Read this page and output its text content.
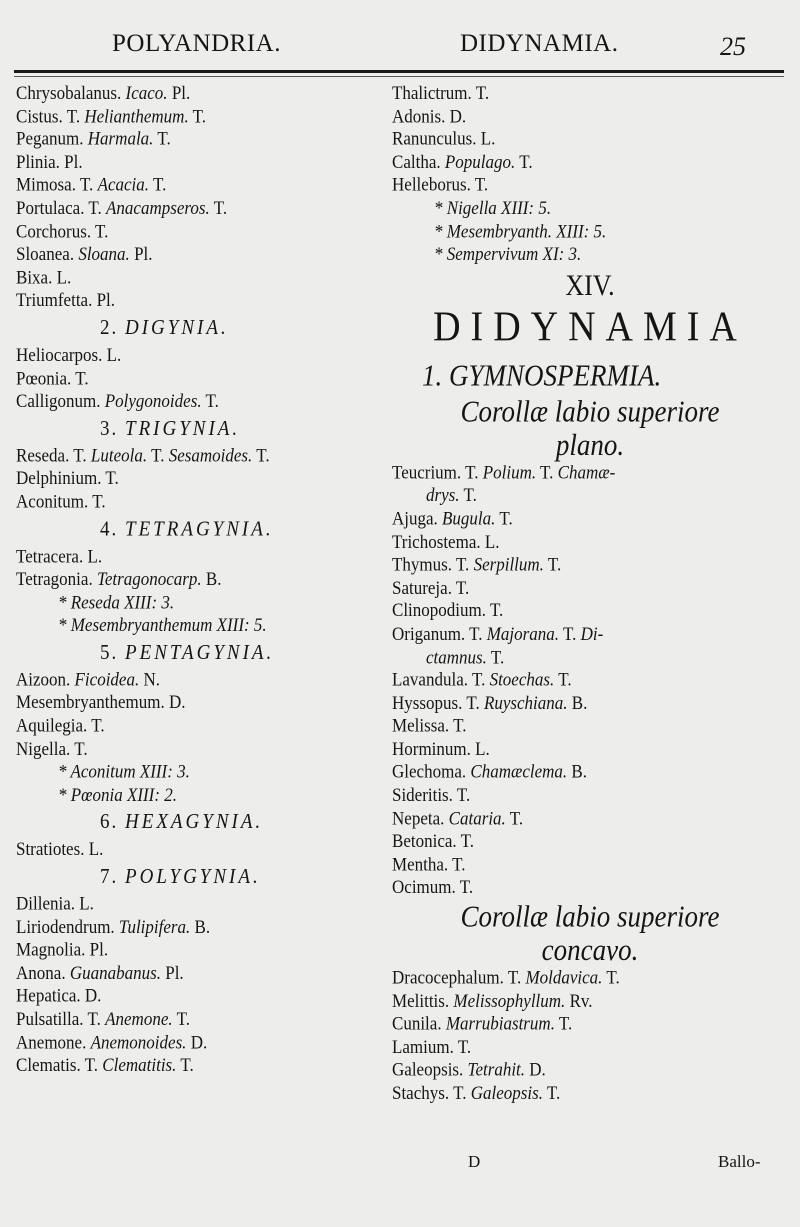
POLYANDRIA.	DIDYNAMIA.	25
Chrysobalanus. Icaco. Pl.
Cistus. T. Helianthemum. T.
Peganum. Harmala. T.
Plinia. Pl.
Mimosa. T. Acacia. T.
Portulaca. T. Anacampseros. T.
Corchorus. T.
Sloanea. Sloana. Pl.
Bixa. L.
Triumfetta. Pl.
2. DIGYNIA.
Heliocarpos. L.
Pœonia. T.
Calligonum. Polygonoides. T.
3. TRIGYNIA.
Reseda. T. Luteola. T. Sesamoides. T.
Delphinium. T.
Aconitum. T.
4. TETRAGYNIA.
Tetracera. L.
Tetragonia. Tetragonocarp. B.
* Reseda XIII: 3.
* Mesembryanthemum XIII: 5.
5. PENTAGYNIA.
Aizoon. Ficoidea. N.
Mesembryanthemum. D.
Aquilegia. T.
Nigella. T.
* Aconitum XIII: 3.
* Pœonia XIII: 2.
6. HEXAGYNIA.
Stratiotes. L.
7. POLYGYNIA.
Dillenia. L.
Liriodendrum. Tulipifera. B.
Magnolia. Pl.
Anona. Guanabanus. Pl.
Hepatica. D.
Pulsatilla. T. Anemone. T.
Anemone. Anemonoides. D.
Clematis. T. Clematitis. T.
Thalictrum. T.
Adonis. D.
Ranunculus. L.
Caltha. Populago. T.
Helleborus. T.
* Nigella XIII: 5.
* Mesembryanth. XIII: 5.
* Sempervivum XI: 3.
XIV.
DIDYNAMIA
1. GYMNOSPERMIA.
Corollæ labio superiore
plano.
Teucrium. T. Polium. T. Chamæ-
drys. T.
Ajuga. Bugula. T.
Trichostema. L.
Thymus. T. Serpillum. T.
Satureja. T.
Clinopodium. T.
Origanum. T. Majorana. T. Di-
ctamnus. T.
Lavandula. T. Stoechas. T.
Hyssopus. T. Ruyschiana. B.
Melissa. T.
Horminum. L.
Glechoma. Chamæclema. B.
Sideritis. T.
Nepeta. Cataria. T.
Betonica. T.
Mentha. T.
Ocimum. T.
Corollæ labio superiore
concavo.
Dracocephalum. T. Moldavica. T.
Melittis. Melissophyllum. Rv.
Cunila. Marrubiastrum. T.
Lamium. T.
Galeopsis. Tetrahit. D.
Stachys. T. Galeopsis. T.
D	Ballo-
